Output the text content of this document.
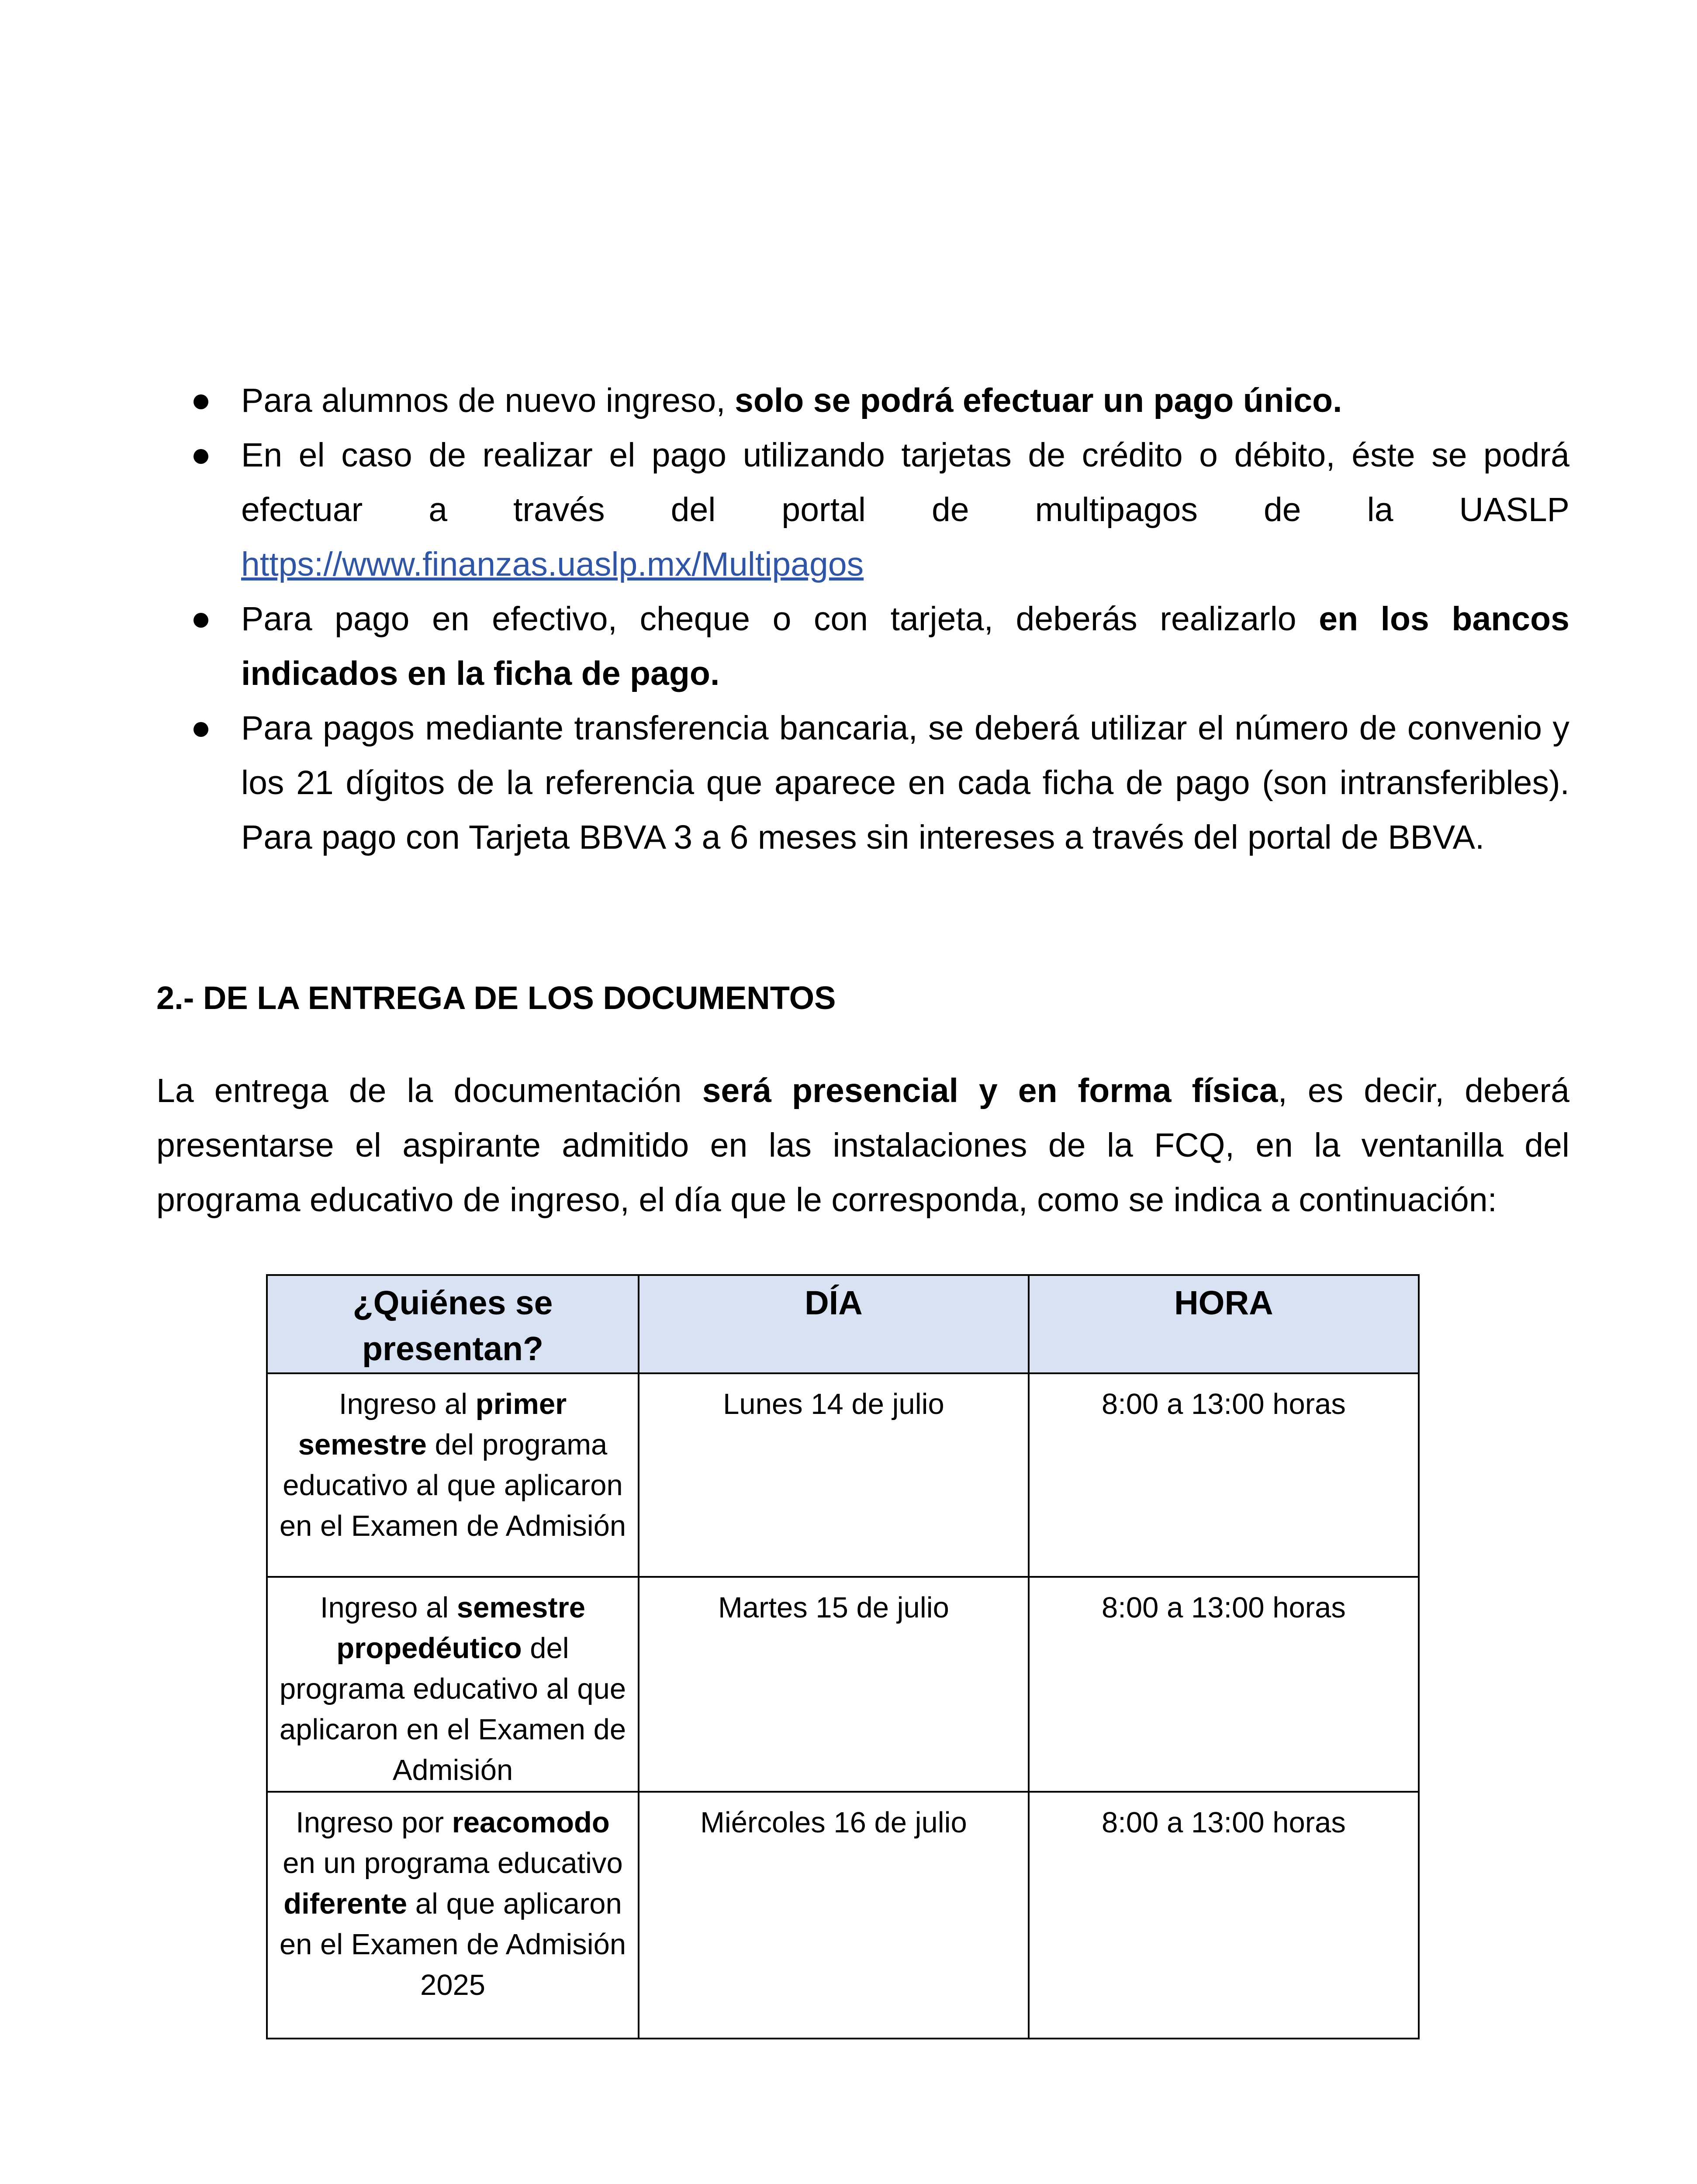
Para alumnos de nuevo ingreso, solo se podrá efectuar un pago único.
En el caso de realizar el pago utilizando tarjetas de crédito o débito, éste se podrá efectuar a través del portal de multipagos de la UASLP https://www.finanzas.uaslp.mx/Multipagos
Para pago en efectivo, cheque o con tarjeta, deberás realizarlo en los bancos indicados en la ficha de pago.
Para pagos mediante transferencia bancaria, se deberá utilizar el número de convenio y los 21 dígitos de la referencia que aparece en cada ficha de pago (son intransferibles). Para pago con Tarjeta BBVA 3 a 6 meses sin intereses a través del portal de BBVA.
2.- DE LA ENTREGA DE LOS DOCUMENTOS

La entrega de la documentación será presencial y en forma física, es decir, deberá presentarse el aspirante admitido en las instalaciones de la FCQ, en la ventanilla del programa educativo de ingreso, el día que le corresponda, como se indica a continuación:

¿Quiénes se presentan?	DÍA	HORA

Ingreso al primer semestre del programa educativo al que aplicaron en el Examen de Admisión	Lunes 14 de julio	8:00 a 13:00 horas

Ingreso al semestre propedéutico del programa educativo al que aplicaron en el Examen de Admisión	Martes 15 de julio	8:00 a 13:00 horas

Ingreso por reacomodo en un programa educativo diferente al que aplicaron en el Examen de Admisión 2025	Miércoles 16 de julio	8:00 a 13:00 horas
